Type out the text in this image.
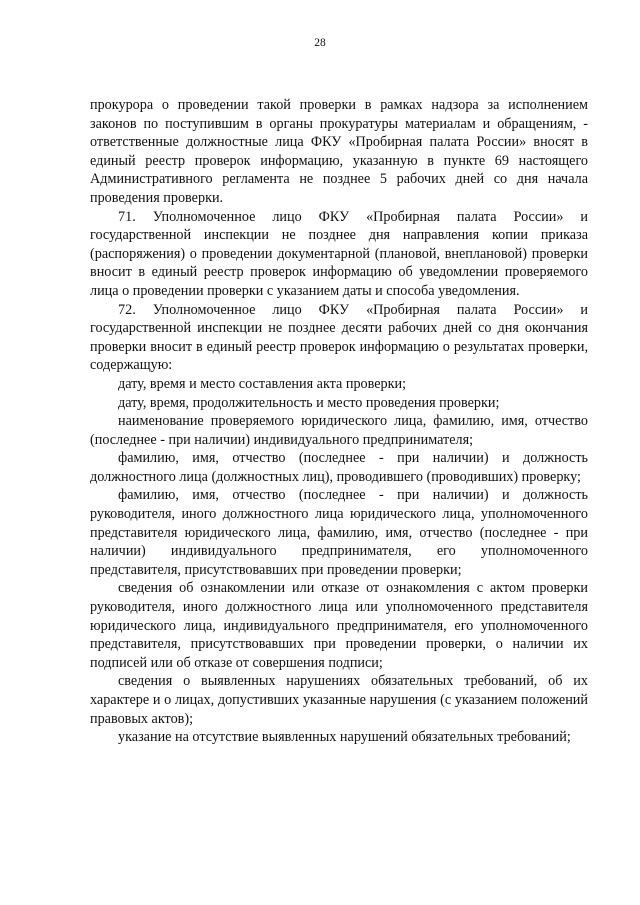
28

прокурора о проведении такой проверки в рамках надзора за исполнением законов по поступившим в органы прокуратуры материалам и обращениям, - ответственные должностные лица ФКУ «Пробирная палата России» вносят в единый реестр проверок информацию, указанную в пункте 69 настоящего Административного регламента не позднее 5 рабочих дней со дня начала проведения проверки.

71. Уполномоченное лицо ФКУ «Пробирная палата России» и государственной инспекции не позднее дня направления копии приказа (распоряжения) о проведении документарной (плановой, внеплановой) проверки вносит в единый реестр проверок информацию об уведомлении проверяемого лица о проведении проверки с указанием даты и способа уведомления.

72. Уполномоченное лицо ФКУ «Пробирная палата России» и государственной инспекции не позднее десяти рабочих дней со дня окончания проверки вносит в единый реестр проверок информацию о результатах проверки, содержащую:

дату, время и место составления акта проверки;

дату, время, продолжительность и место проведения проверки;

наименование проверяемого юридического лица, фамилию, имя, отчество (последнее - при наличии) индивидуального предпринимателя;

фамилию, имя, отчество (последнее - при наличии) и должность должностного лица (должностных лиц), проводившего (проводивших) проверку;

фамилию, имя, отчество (последнее - при наличии) и должность руководителя, иного должностного лица юридического лица, уполномоченного представителя юридического лица, фамилию, имя, отчество (последнее - при наличии) индивидуального предпринимателя, его уполномоченного представителя, присутствовавших при проведении проверки;

сведения об ознакомлении или отказе от ознакомления с актом проверки руководителя, иного должностного лица или уполномоченного представителя юридического лица, индивидуального предпринимателя, его уполномоченного представителя, присутствовавших при проведении проверки, о наличии их подписей или об отказе от совершения подписи;

сведения о выявленных нарушениях обязательных требований, об их характере и о лицах, допустивших указанные нарушения (с указанием положений правовых актов);

указание на отсутствие выявленных нарушений обязательных требований;
